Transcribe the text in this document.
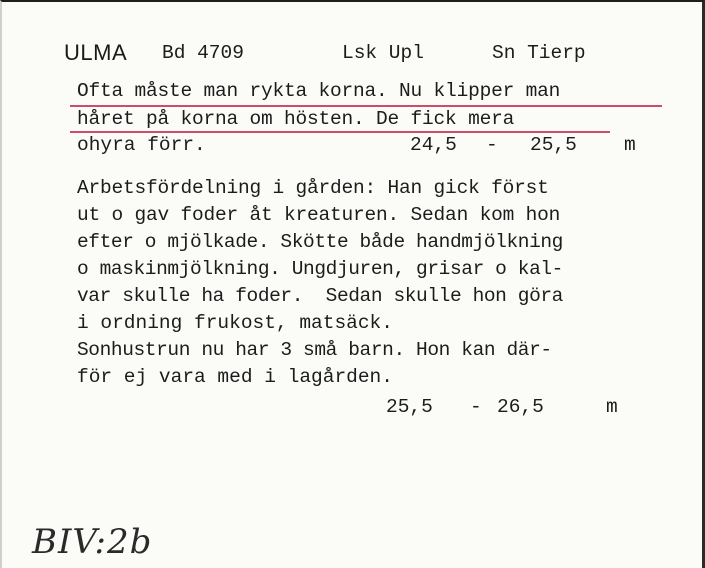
ULMA Bd 4709	Lsk Upl	Sn Tierp
Ofta måste man rykta korna. Nu klipper man
håret på korna om hösten. De fick mera
ohyra förr.	24,5 - 25,5 m
Arbetsfördelning i gården: Han gick först
ut o gav foder åt kreaturen. Sedan kom hon
efter o mjölkade. Skötte både handmjölkning
o maskinmjölkning. Ungdjuren, grisar o kal-
var skulle ha foder.  Sedan skulle hon göra
i ordning frukost, matsäck.
Sonhustrun nu har 3 små barn. Hon kan där-
för ej vara med i lagården.
25,5 - 26,5	m
BIV:2b
